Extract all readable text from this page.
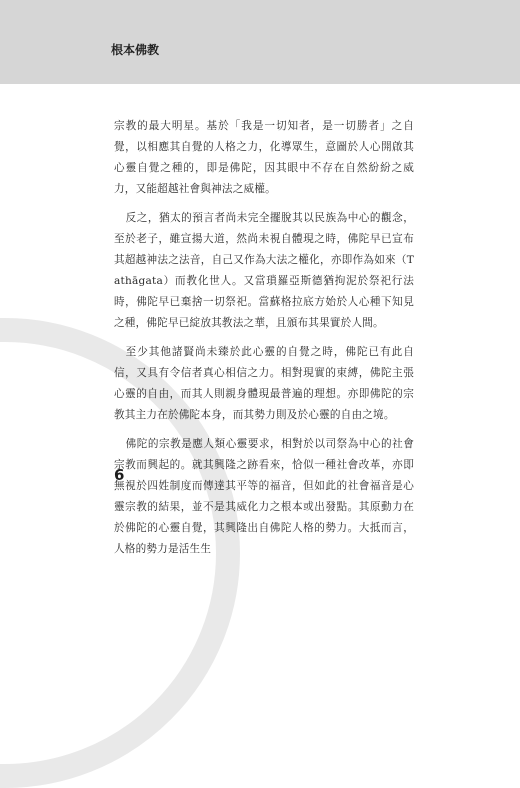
根本佛教

宗教的最大明星。基於「我是一切知者，是一切勝者」之自覺，以相應其自覺的人格之力，化導眾生，意圖於人心開啟其心靈自覺之種的，即是佛陀，因其眼中不存在自然紛紛之威力，又能超越社會與神法之威權。

反之，猶太的預言者尚未完全擺脫其以民族為中心的觀念，至於老子，雖宣揚大道，然尚未視自體現之時，佛陀早已宣布其超越神法之法音，自己又作為大法之權化，亦即作為如來（Tathāgata）而教化世人。又當瑣羅亞斯德猶拘泥於祭祀行法時，佛陀早已棄捨一切祭祀。當蘇格拉底方始於人心種下知見之種，佛陀早已綻放其教法之華，且頒布其果實於人間。

至少其他諸賢尚未臻於此心靈的自覺之時，佛陀已有此自信，又具有令信者真心相信之力。相對現實的束縛，佛陀主張心靈的自由，而其人則親身體現最普遍的理想。亦即佛陀的宗教其主力在於佛陀本身，而其勢力則及於心靈的自由之境。

佛陀的宗教是應人類心靈要求，相對於以司祭為中心的社會宗教而興起的。就其興隆之跡看來，恰似一種社會改革，亦即無視於四姓制度而傳達其平等的福音，但如此的社會福音是心靈宗教的結果，並不是其威化力之根本或出發點。其原動力在於佛陀的心靈自覺，其興隆出自佛陀人格的勢力。大抵而言，人格的勢力是活生生

6
